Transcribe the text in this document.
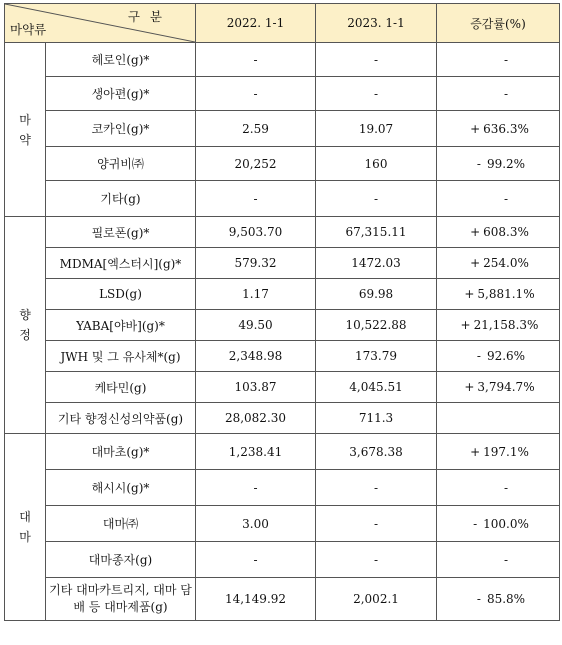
구 분
마약류		2022. 1-1	2023. 1-1	증감률(%)

마
약	헤로인(g)*	-	-	-
	생아편(g)*	-	-	-
	코카인(g)*	2.59	19.07	+ 636.3%
	양귀비㈜	20,252	160	- 99.2%
	기타(g)	-	-	-

향
정	필로폰(g)*	9,503.70	67,315.11	+ 608.3%
	MDMA[엑스터시](g)*	579.32	1472.03	+ 254.0%
	LSD(g)	1.17	69.98	+ 5,881.1%
	YABA[야바](g)*	49.50	10,522.88	+ 21,158.3%
	JWH 및 그 유사체*(g)	2,348.98	173.79	- 92.6%
	케타민(g)	103.87	4,045.51	+ 3,794.7%
	기타 향정신성의약품(g)	28,082.30	711.3	

대
마	대마초(g)*	1,238.41	3,678.38	+ 197.1%
	해시시(g)*	-	-	-
	대마㈜	3.00	-	- 100.0%
	대마종자(g)	-	-	-
	기타 대마카트리지, 대마 담배 등 대마제품(g)	14,149.92	2,002.1	- 85.8%
